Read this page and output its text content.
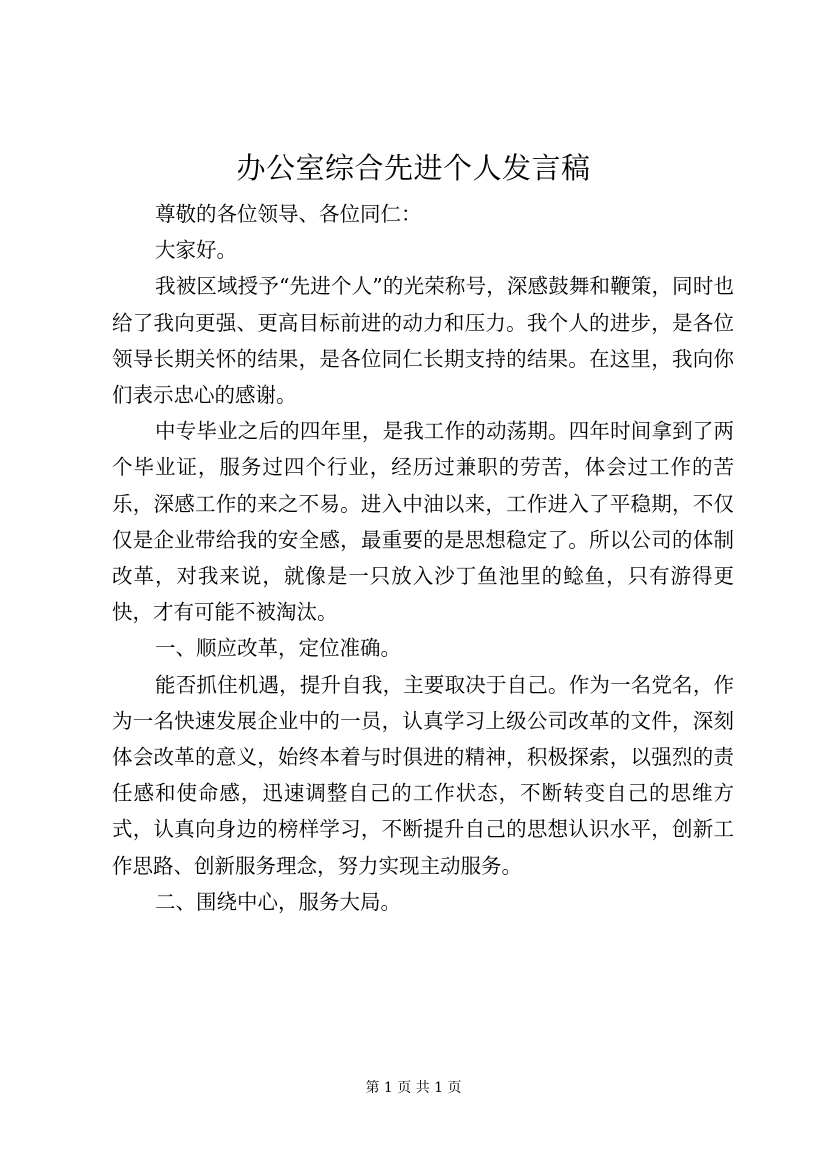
办公室综合先进个人发言稿

尊敬的各位领导、各位同仁：

大家好。

我被区域授予“先进个人”的光荣称号，深感鼓舞和鞭策，同时也给了我向更强、更高目标前进的动力和压力。我个人的进步，是各位领导长期关怀的结果，是各位同仁长期支持的结果。在这里，我向你们表示忠心的感谢。

中专毕业之后的四年里，是我工作的动荡期。四年时间拿到了两个毕业证，服务过四个行业，经历过兼职的劳苦，体会过工作的苦乐，深感工作的来之不易。进入中油以来，工作进入了平稳期，不仅仅是企业带给我的安全感，最重要的是思想稳定了。所以公司的体制改革，对我来说，就像是一只放入沙丁鱼池里的鲶鱼，只有游得更快，才有可能不被淘汰。

一、顺应改革，定位准确。

能否抓住机遇，提升自我，主要取决于自己。作为一名党名，作为一名快速发展企业中的一员，认真学习上级公司改革的文件，深刻体会改革的意义，始终本着与时俱进的精神，积极探索，以强烈的责任感和使命感，迅速调整自己的工作状态，不断转变自己的思维方式，认真向身边的榜样学习，不断提升自己的思想认识水平，创新工作思路、创新服务理念，努力实现主动服务。

二、围绕中心，服务大局。

第 1 页 共 1 页
